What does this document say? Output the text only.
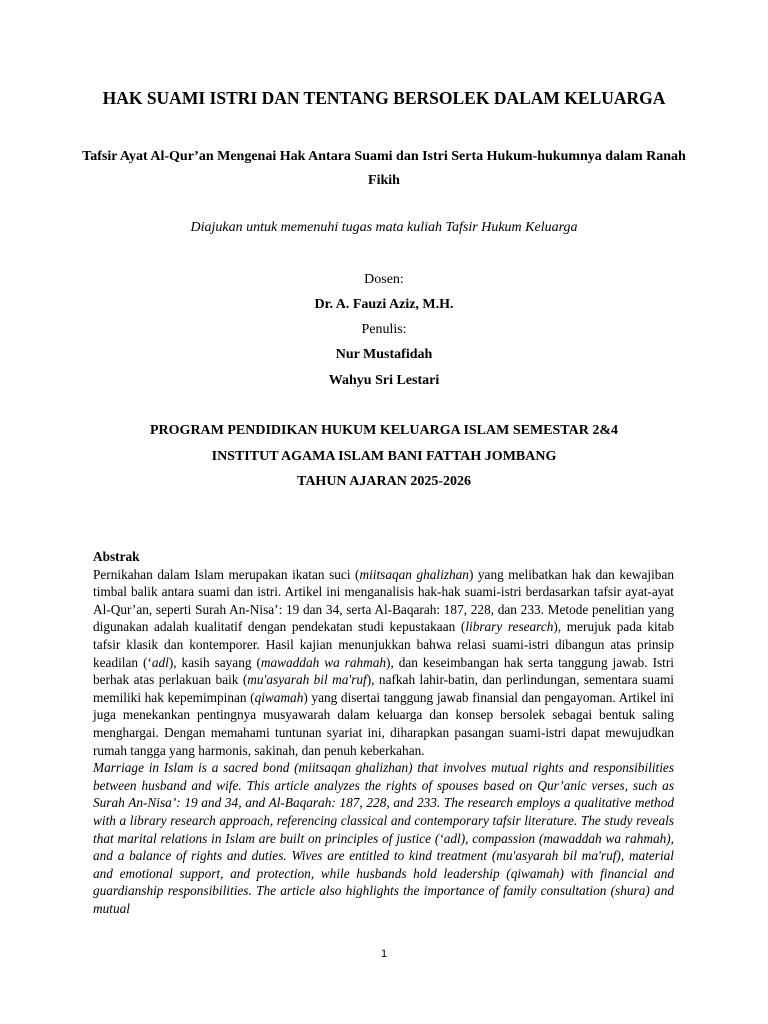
HAK SUAMI ISTRI DAN TENTANG BERSOLEK DALAM KELUARGA
Tafsir Ayat Al-Qur’an Mengenai Hak Antara Suami dan Istri Serta Hukum-hukumnya dalam Ranah Fikih
Diajukan untuk memenuhi tugas mata kuliah Tafsir Hukum Keluarga
Dosen:
Dr. A. Fauzi Aziz, M.H.
Penulis:
Nur Mustafidah
Wahyu Sri Lestari
PROGRAM PENDIDIKAN HUKUM KELUARGA ISLAM SEMESTAR 2&4
INSTITUT AGAMA ISLAM BANI FATTAH JOMBANG
TAHUN AJARAN 2025-2026
Abstrak

Pernikahan dalam Islam merupakan ikatan suci (miitsaqan ghalizhan) yang melibatkan hak dan kewajiban timbal balik antara suami dan istri. Artikel ini menganalisis hak-hak suami-istri berdasarkan tafsir ayat-ayat Al-Qur’an, seperti Surah An-Nisa’: 19 dan 34, serta Al-Baqarah: 187, 228, dan 233. Metode penelitian yang digunakan adalah kualitatif dengan pendekatan studi kepustakaan (library research), merujuk pada kitab tafsir klasik dan kontemporer. Hasil kajian menunjukkan bahwa relasi suami-istri dibangun atas prinsip keadilan (‘adl), kasih sayang (mawaddah wa rahmah), dan keseimbangan hak serta tanggung jawab. Istri berhak atas perlakuan baik (mu'asyarah bil ma'ruf), nafkah lahir-batin, dan perlindungan, sementara suami memiliki hak kepemimpinan (qiwamah) yang disertai tanggung jawab finansial dan pengayoman. Artikel ini juga menekankan pentingnya musyawarah dalam keluarga dan konsep bersolek sebagai bentuk saling menghargai. Dengan memahami tuntunan syariat ini, diharapkan pasangan suami-istri dapat mewujudkan rumah tangga yang harmonis, sakinah, dan penuh keberkahan.

Marriage in Islam is a sacred bond (miitsaqan ghalizhan) that involves mutual rights and responsibilities between husband and wife. This article analyzes the rights of spouses based on Qur’anic verses, such as Surah An-Nisa’: 19 and 34, and Al-Baqarah: 187, 228, and 233. The research employs a qualitative method with a library research approach, referencing classical and contemporary tafsir literature. The study reveals that marital relations in Islam are built on principles of justice (‘adl), compassion (mawaddah wa rahmah), and a balance of rights and duties. Wives are entitled to kind treatment (mu'asyarah bil ma'ruf), material and emotional support, and protection, while husbands hold leadership (qiwamah) with financial and guardianship responsibilities. The article also highlights the importance of family consultation (shura) and mutual

1
